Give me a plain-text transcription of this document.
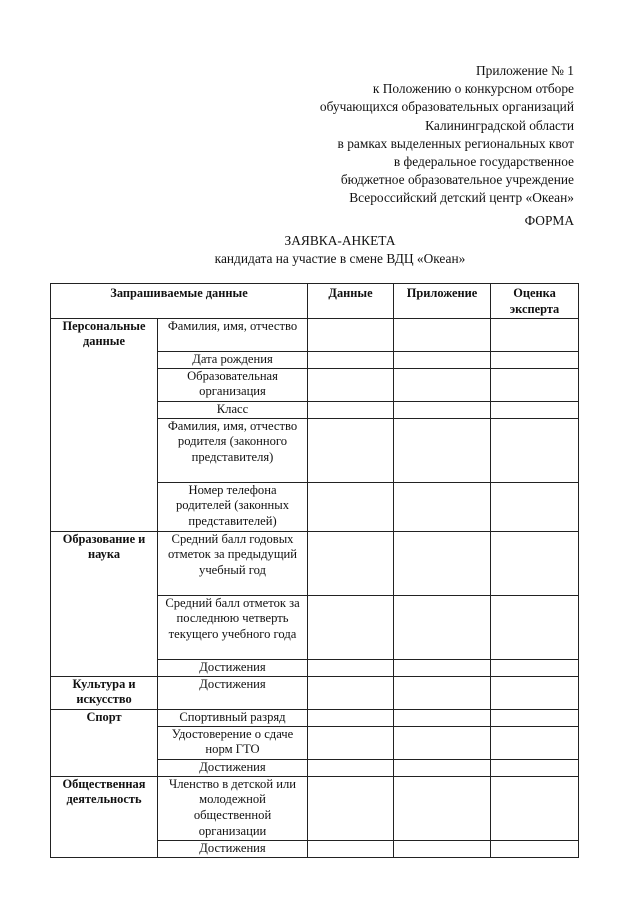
Приложение № 1
к Положению о конкурсном отборе
обучающихся образовательных организаций
Калининградской области
в рамках выделенных региональных квот
в федеральное государственное
бюджетное образовательное учреждение
Всероссийский детский центр «Океан»
ФОРМА
ЗАЯВКА-АНКЕТА
кандидата на участие в смене ВДЦ «Океан»
Запрашиваемые данные		Данные	Приложение	Оценка эксперта
Персональные данные	Фамилия, имя, отчество			
	Дата рождения			
	Образовательная организация			
	Класс			
	Фамилия, имя, отчество родителя (законного представителя)			
	Номер телефона родителей (законных представителей)			
Образование и наука	Средний балл годовых отметок за предыдущий учебный год			
	Средний балл отметок за последнюю четверть текущего учебного года			
	Достижения			
Культура и искусство	Достижения			
Спорт	Спортивный разряд			
	Удостоверение о сдаче норм ГТО			
	Достижения			
Общественная деятельность	Членство в детской или молодежной общественной организации			
	Достижения			
